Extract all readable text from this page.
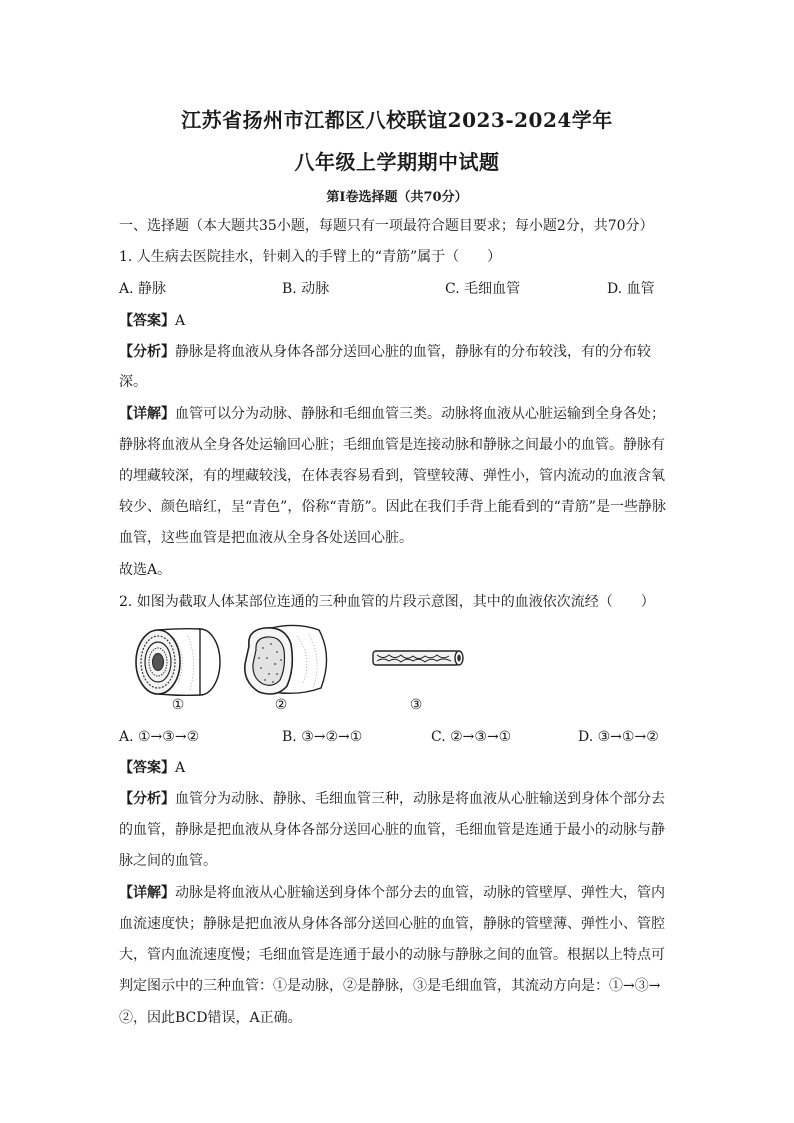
江苏省扬州市江都区八校联谊2023-2024学年
八年级上学期期中试题
第Ⅰ卷选择题（共70分）
一、选择题（本大题共35小题，每题只有一项最符合题目要求；每小题2分，共70分）
1. 人生病去医院挂水，针刺入的手臂上的“青筋”属于（　　）
A. 静脉	B. 动脉	C. 毛细血管	D. 血管
【答案】A
【分析】静脉是将血液从身体各部分送回心脏的血管，静脉有的分布较浅，有的分布较
深。
【详解】血管可以分为动脉、静脉和毛细血管三类。动脉将血液从心脏运输到全身各处；
静脉将血液从全身各处运输回心脏；毛细血管是连接动脉和静脉之间最小的血管。静脉有
的埋藏较深，有的埋藏较浅，在体表容易看到，管壁较薄、弹性小，管内流动的血液含氧
较少、颜色暗红，呈“青色”，俗称“青筋”。因此在我们手背上能看到的“青筋”是一些静脉
血管，这些血管是把血液从全身各处送回心脏。
故选A。
2. 如图为截取人体某部位连通的三种血管的片段示意图，其中的血液依次流经（　　）
①	②	③
A. ①→③→②	B. ③→②→①	C. ②→③→①	D. ③→①→②
【答案】A
【分析】血管分为动脉、静脉、毛细血管三种，动脉是将血液从心脏输送到身体个部分去
的血管，静脉是把血液从身体各部分送回心脏的血管，毛细血管是连通于最小的动脉与静
脉之间的血管。
【详解】动脉是将血液从心脏输送到身体个部分去的血管，动脉的管壁厚、弹性大，管内
血流速度快；静脉是把血液从身体各部分送回心脏的血管，静脉的管壁薄、弹性小、管腔
大，管内血流速度慢；毛细血管是连通于最小的动脉与静脉之间的血管。根据以上特点可
判定图示中的三种血管：①是动脉，②是静脉，③是毛细血管，其流动方向是：①→③→
②，因此BCD错误，A正确。
